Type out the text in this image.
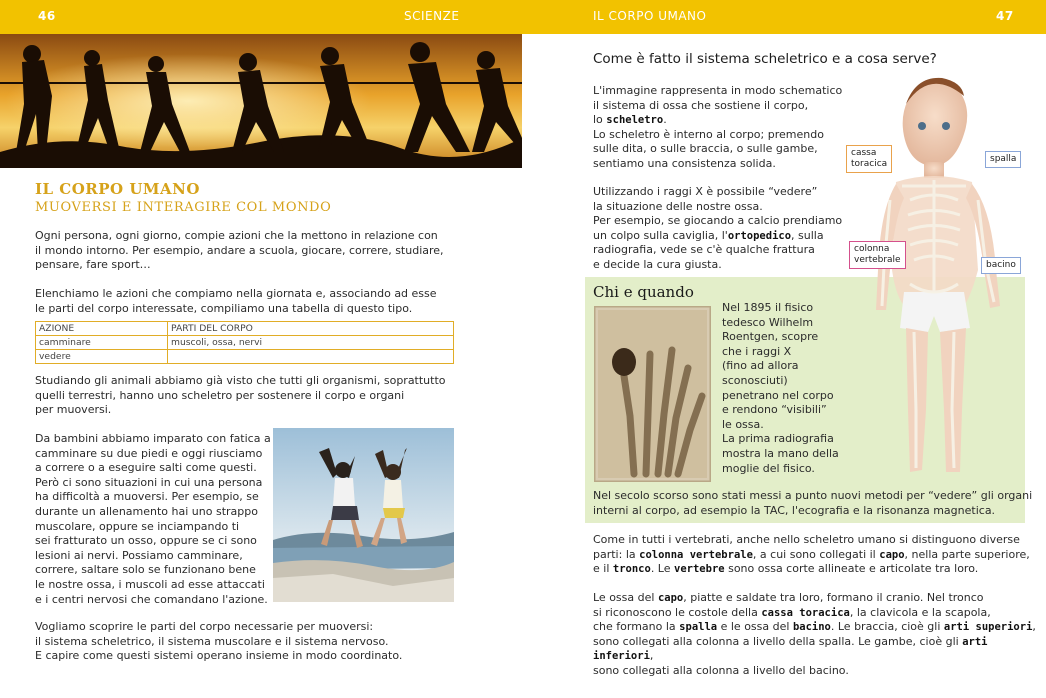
46	SCIENZE	IL CORPO UMANO	47
IL CORPO UMANO
MUOVERSI E INTERAGIRE COL MONDO
Ogni persona, ogni giorno, compie azioni che la mettono in relazione con
il mondo intorno. Per esempio, andare a scuola, giocare, correre, studiare,
pensare, fare sport…
Elenchiamo le azioni che compiamo nella giornata e, associando ad esse
le parti del corpo interessate, compiliamo una tabella di questo tipo.
AZIONE	PARTI DEL CORPO
camminare	muscoli, ossa, nervi
vedere	
Studiando gli animali abbiamo già visto che tutti gli organismi, soprattutto
quelli terrestri, hanno uno scheletro per sostenere il corpo e organi
per muoversi.
Da bambini abbiamo imparato con fatica a
camminare su due piedi e oggi riusciamo
a correre o a eseguire salti come questi.
Però ci sono situazioni in cui una persona
ha difficoltà a muoversi. Per esempio, se
durante un allenamento hai uno strappo
muscolare, oppure se inciampando ti
sei fratturato un osso, oppure se ci sono
lesioni ai nervi. Possiamo camminare,
correre, saltare solo se funzionano bene
le nostre ossa, i muscoli ad esse attaccati
e i centri nervosi che comandano l'azione.
Vogliamo scoprire le parti del corpo necessarie per muoversi:
il sistema scheletrico, il sistema muscolare e il sistema nervoso.
E capire come questi sistemi operano insieme in modo coordinato.
Come è fatto il sistema scheletrico e a cosa serve?
L'immagine rappresenta in modo schematico
il sistema di ossa che sostiene il corpo,
lo scheletro.
Lo scheletro è interno al corpo; premendo
sulle dita, o sulle braccia, o sulle gambe,
sentiamo una consistenza solida.
Utilizzando i raggi X è possibile “vedere”
la situazione delle nostre ossa.
Per esempio, se giocando a calcio prendiamo
un colpo sulla caviglia, l'ortopedico, sulla
radiografia, vede se c'è qualche frattura
e decide la cura giusta.
Chi e quando
Nel 1895 il fisico
tedesco Wilhelm
Roentgen, scopre
che i raggi X
(fino ad allora
sconosciuti)
penetrano nel corpo
e rendono “visibili”
le ossa.
La prima radiografia
mostra la mano della
moglie del fisico.
Nel secolo scorso sono stati messi a punto nuovi metodi per “vedere” gli organi
interni al corpo, ad esempio la TAC, l'ecografia e la risonanza magnetica.
cassa
toracica	spalla
colonna
vertebrale	bacino
Come in tutti i vertebrati, anche nello scheletro umano si distinguono diverse
parti: la colonna vertebrale, a cui sono collegati il capo, nella parte superiore,
e il tronco. Le vertebre sono ossa corte allineate e articolate tra loro.
Le ossa del capo, piatte e saldate tra loro, formano il cranio. Nel tronco
si riconoscono le costole della cassa toracica, la clavicola e la scapola,
che formano la spalla e le ossa del bacino. Le braccia, cioè gli arti superiori,
sono collegati alla colonna a livello della spalla. Le gambe, cioè gli arti inferiori,
sono collegati alla colonna a livello del bacino.
